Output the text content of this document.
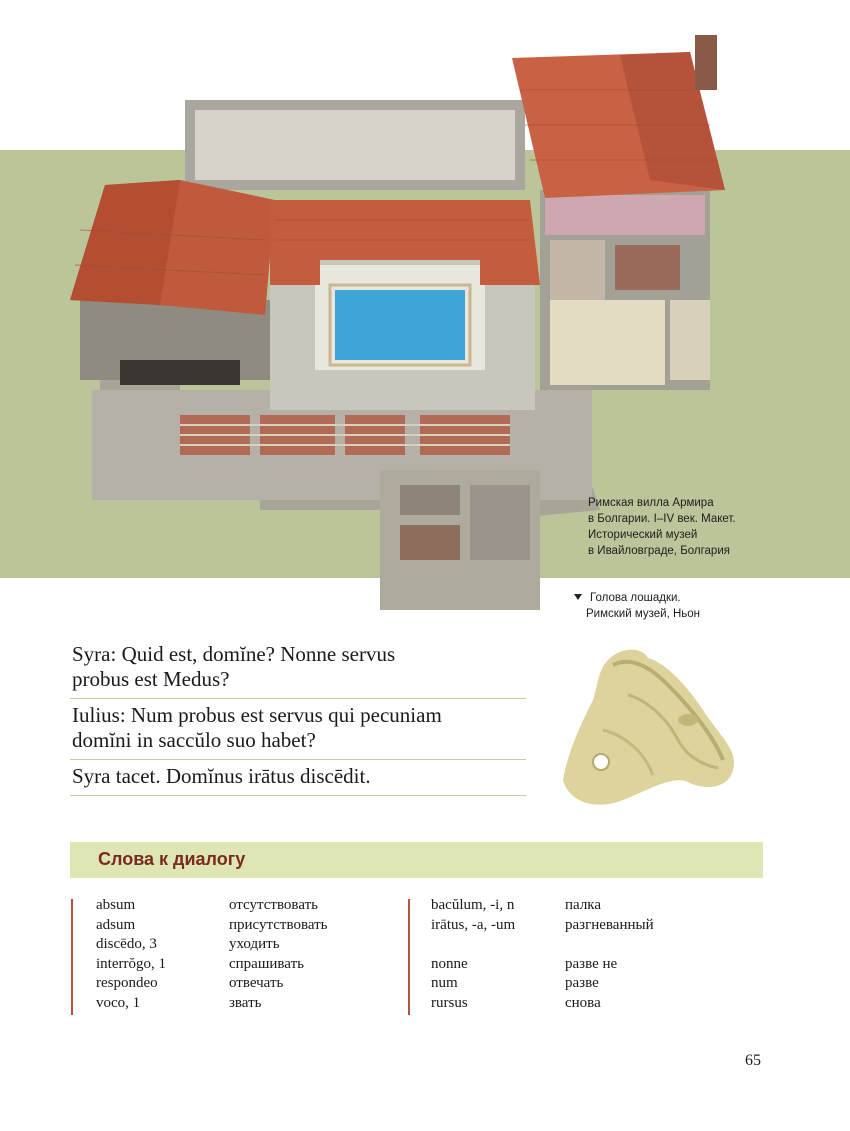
Римская вилла Армира
в Болгарии. I–IV век. Макет.
Исторический музей
в Ивайловграде, Болгария
Голова лошадки.
Римский музей, Ньон
Syra: Quid est, domĭne? Nonne servus
probus est Medus?
Iulius: Num probus est servus qui pecuniam
domĭni in saccŭlo suo habet?
Syra tacet. Domĭnus irātus discēdit.
Слова к диалогу
absum
adsum
discēdo, 3
interrŏgo, 1
respondeo
voco, 1
отсутствовать
присутствовать
уходить
спрашивать
отвечать
звать
bacŭlum, -i, n
irātus, -a, -um
nonne
num
rursus
палка
разгневанный
разве не
разве
снова
65
